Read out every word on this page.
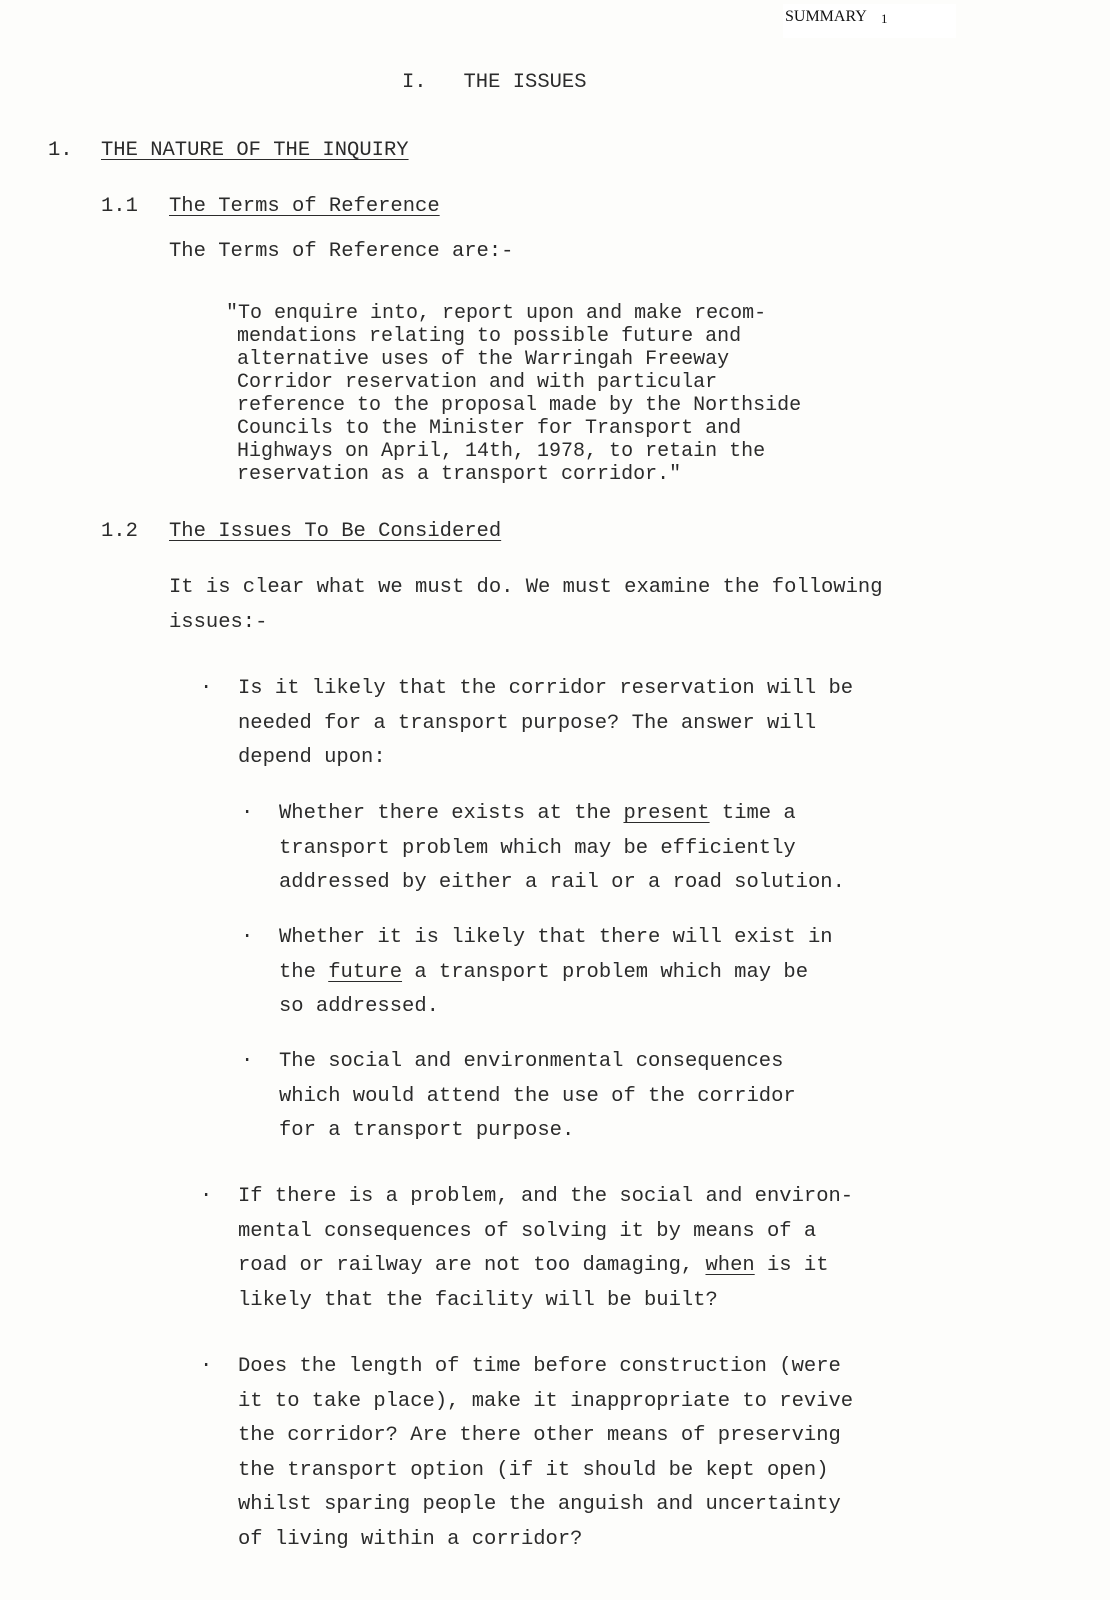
SUMMARY 1
I.   THE ISSUES
1. THE NATURE OF THE INQUIRY
1.1 The Terms of Reference
The Terms of Reference are:-
"To enquire into, report upon and make recom-
mendations relating to possible future and
alternative uses of the Warringah Freeway
Corridor reservation and with particular
reference to the proposal made by the Northside
Councils to the Minister for Transport and
Highways on April, 14th, 1978, to retain the
reservation as a transport corridor."
1.2 The Issues To Be Considered
It is clear what we must do. We must examine the following
issues:-
. Is it likely that the corridor reservation will be
needed for a transport purpose? The answer will
depend upon:
. Whether there exists at the present time a
transport problem which may be efficiently
addressed by either a rail or a road solution.
. Whether it is likely that there will exist in
the future a transport problem which may be
so addressed.
. The social and environmental consequences
which would attend the use of the corridor
for a transport purpose.
. If there is a problem, and the social and environ-
mental consequences of solving it by means of a
road or railway are not too damaging, when is it
likely that the facility will be built?
. Does the length of time before construction (were
it to take place), make it inappropriate to revive
the corridor? Are there other means of preserving
the transport option (if it should be kept open)
whilst sparing people the anguish and uncertainty
of living within a corridor?
